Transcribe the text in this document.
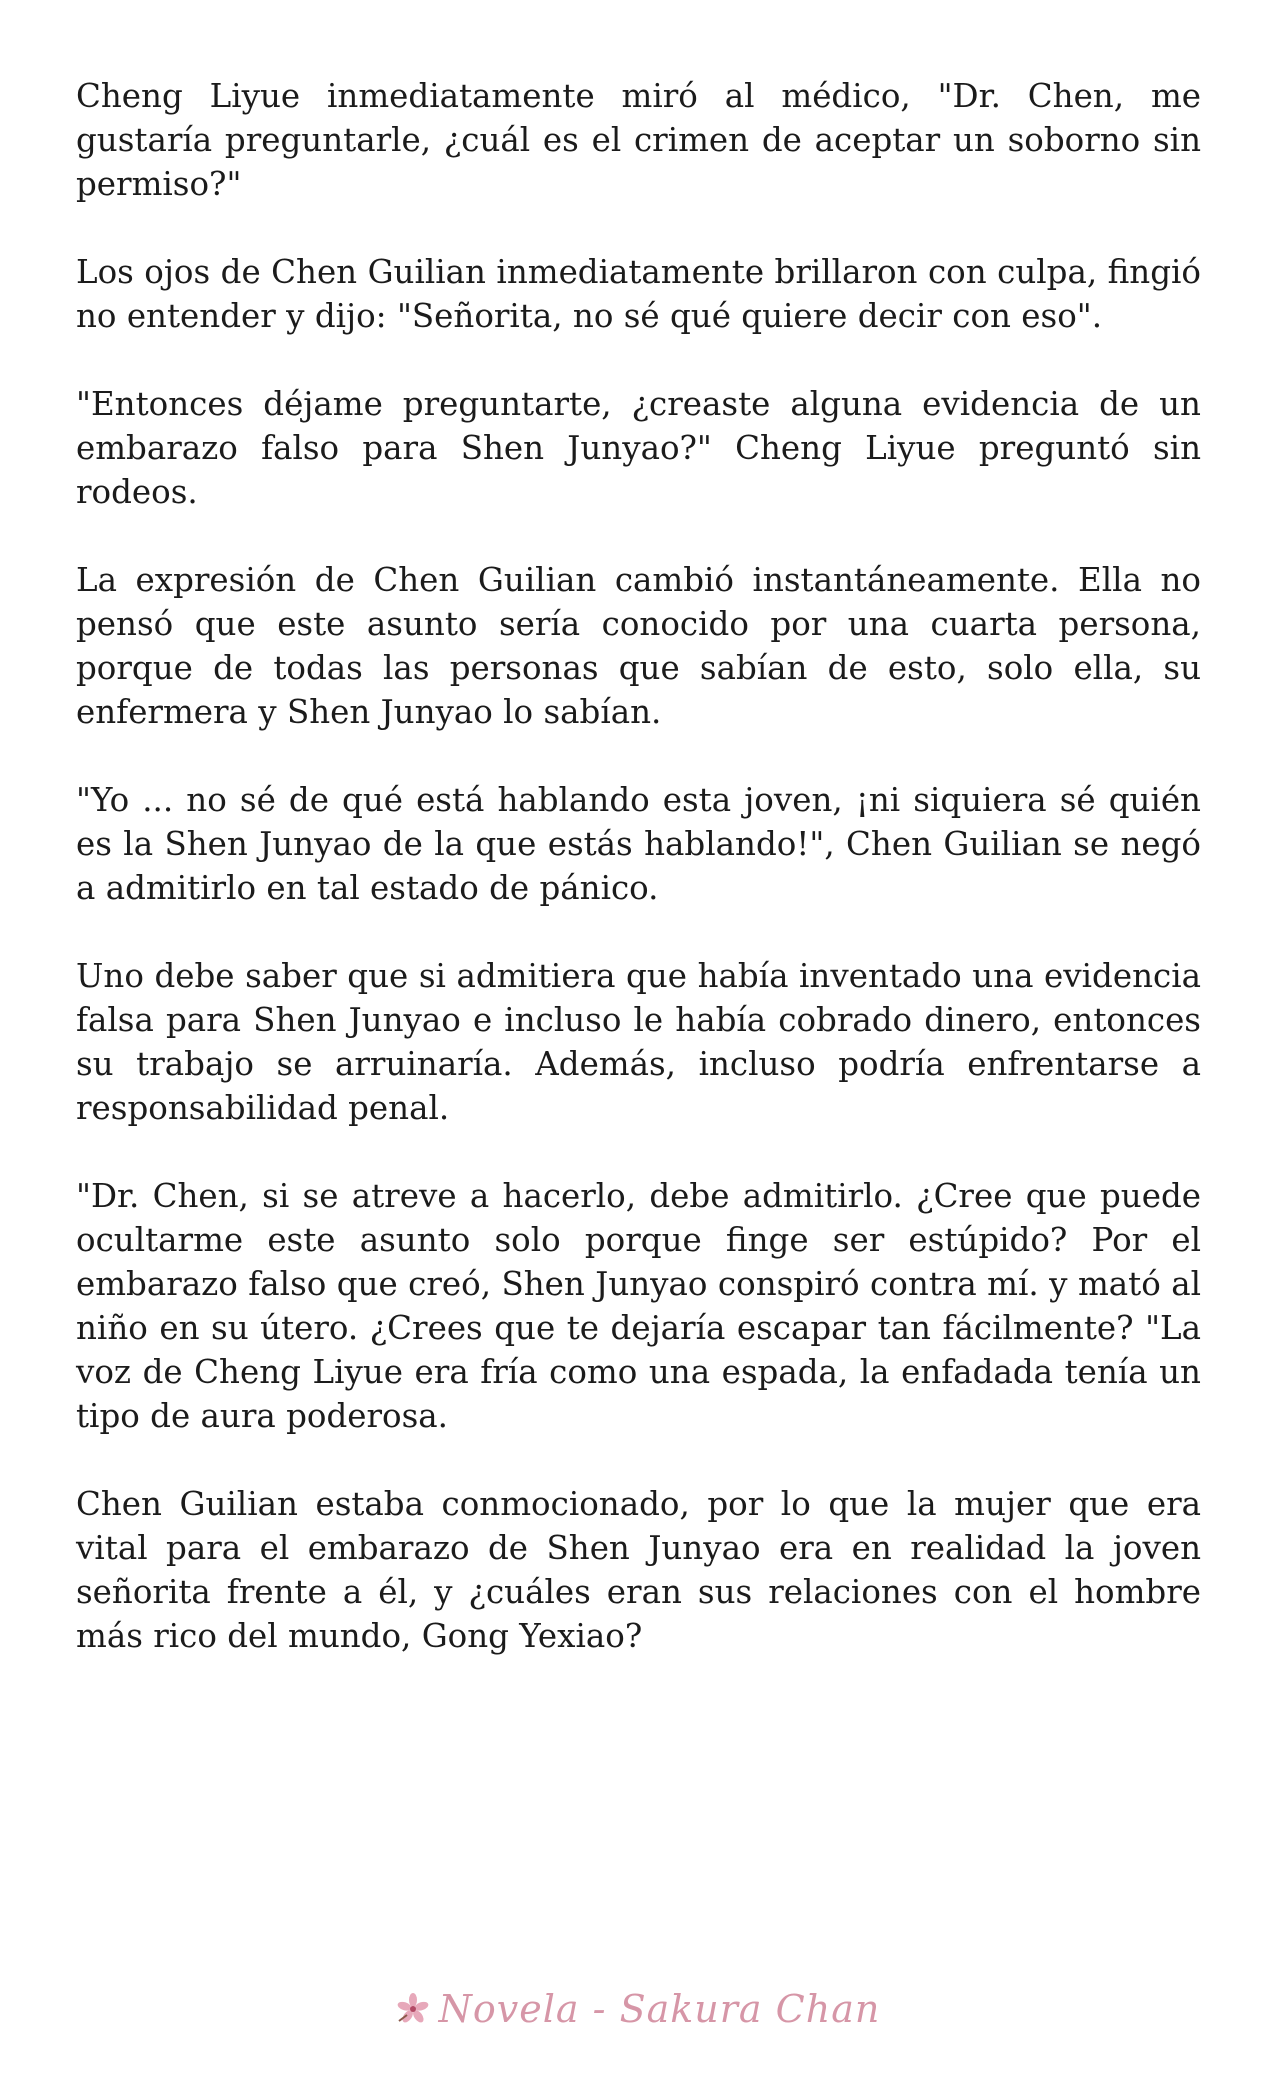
Cheng Liyue inmediatamente miró al médico, "Dr. Chen, me gustaría preguntarle, ¿cuál es el crimen de aceptar un soborno sin permiso?"

Los ojos de Chen Guilian inmediatamente brillaron con culpa, fingió no entender y dijo: "Señorita, no sé qué quiere decir con eso".

"Entonces déjame preguntarte, ¿creaste alguna evidencia de un embarazo falso para Shen Junyao?" Cheng Liyue preguntó sin rodeos.

La expresión de Chen Guilian cambió instantáneamente. Ella no pensó que este asunto sería conocido por una cuarta persona, porque de todas las personas que sabían de esto, solo ella, su enfermera y Shen Junyao lo sabían.

"Yo ... no sé de qué está hablando esta joven, ¡ni siquiera sé quién es la Shen Junyao de la que estás hablando!", Chen Guilian se negó a admitirlo en tal estado de pánico.

Uno debe saber que si admitiera que había inventado una evidencia falsa para Shen Junyao e incluso le había cobrado dinero, entonces su trabajo se arruinaría. Además, incluso podría enfrentarse a responsabilidad penal.

"Dr. Chen, si se atreve a hacerlo, debe admitirlo. ¿Cree que puede ocultarme este asunto solo porque finge ser estúpido? Por el embarazo falso que creó, Shen Junyao conspiró contra mí. y mató al niño en su útero. ¿Crees que te dejaría escapar tan fácilmente? "La voz de Cheng Liyue era fría como una espada, la enfadada tenía un tipo de aura poderosa.

Chen Guilian estaba conmocionado, por lo que la mujer que era vital para el embarazo de Shen Junyao era en realidad la joven señorita frente a él, y ¿cuáles eran sus relaciones con el hombre más rico del mundo, Gong Yexiao?

Novela - Sakura Chan
